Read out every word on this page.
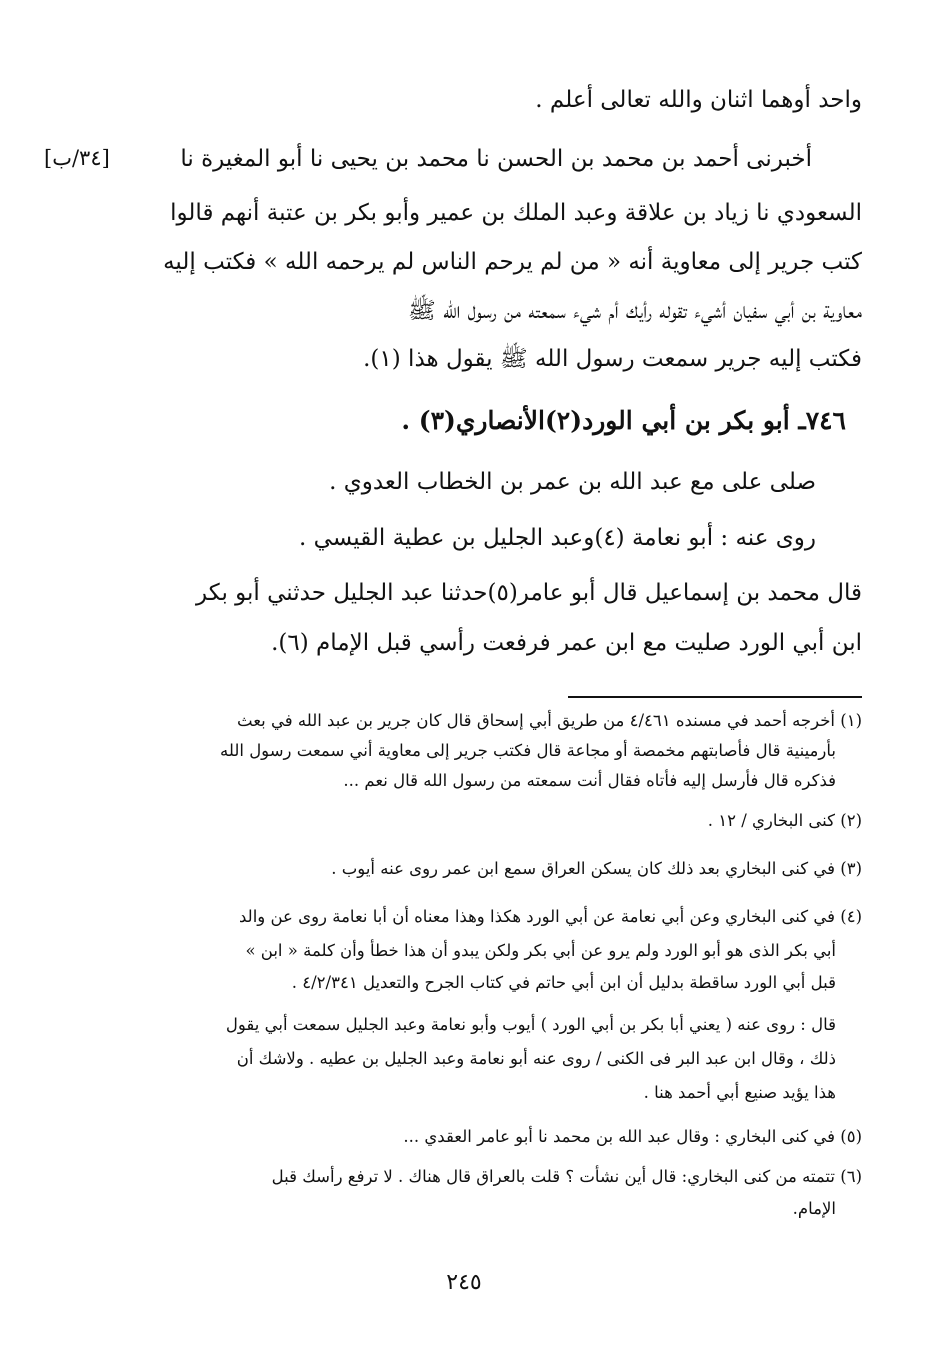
واحد أوهما اثنان والله تعالى أعلم .
أخبرنى أحمد بن محمد بن الحسن نا محمد بن يحيى نا أبو المغيرة نا
[٣٤/ب]
السعودي نا زياد بن علاقة وعبد الملك بن عمير وأبو بكر بن عتبة أنهم قالوا
كتب جرير إلى معاوية أنه « من لم يرحم الناس لم يرحمه الله » فكتب إليه
معاوية بن أبي سفيان أشيء تقوله رأيك أم شيء سمعته من رسول الله ﷺ
فكتب إليه جرير سمعت رسول الله ﷺ يقول هذا (١).
٧٤٦ـ أبو بكر بن أبي الورد(٢)الأنصاري(٣) .
صلى على مع عبد الله بن عمر بن الخطاب العدوي .
روى عنه : أبو نعامة (٤)وعبد الجليل بن عطية القيسي .
قال محمد بن إسماعيل قال أبو عامر(٥)حدثنا عبد الجليل حدثني أبو بكر
ابن أبي الورد صليت مع ابن عمر فرفعت رأسي قبل الإمام (٦).
(١) أخرجه أحمد في مسنده ٤/٤٦١ من طريق أبي إسحاق قال كان جرير بن عبد الله في بعث
بأرمينية قال فأصابتهم مخمصة أو مجاعة قال فكتب جرير إلى معاوية أني سمعت رسول الله
فذكره قال فأرسل إليه فأتاه فقال أنت سمعته من رسول الله قال نعم ...
(٢) كنى البخاري / ١٢ .
(٣) في كنى البخاري بعد ذلك كان يسكن العراق سمع ابن عمر روى عنه أيوب .
(٤) في كنى البخاري وعن أبي نعامة عن أبي الورد هكذا وهذا معناه أن أبا نعامة روى عن والد
أبي بكر الذى هو أبو الورد ولم يرو عن أبي بكر ولكن يبدو أن هذا خطأ وأن كلمة « ابن »
قبل أبي الورد ساقطة بدليل أن ابن أبي حاتم في كتاب الجرح والتعديل ٤/٢/٣٤١ .
قال : روى عنه ( يعني أبا بكر بن أبي الورد ) أيوب وأبو نعامة وعبد الجليل سمعت أبي يقول
ذلك ، وقال ابن عبد البر فى الكنى / روى عنه أبو نعامة وعبد الجليل بن عطيه . ولاشك أن
هذا يؤيد صنيع أبي أحمد هنا .
(٥) في كنى البخاري : وقال عبد الله بن محمد نا أبو عامر العقدي ...
(٦) تتمته من كنى البخاري: قال أين نشأت ؟ قلت بالعراق قال هناك . لا ترفع رأسك قبل
الإمام.
٢٤٥
